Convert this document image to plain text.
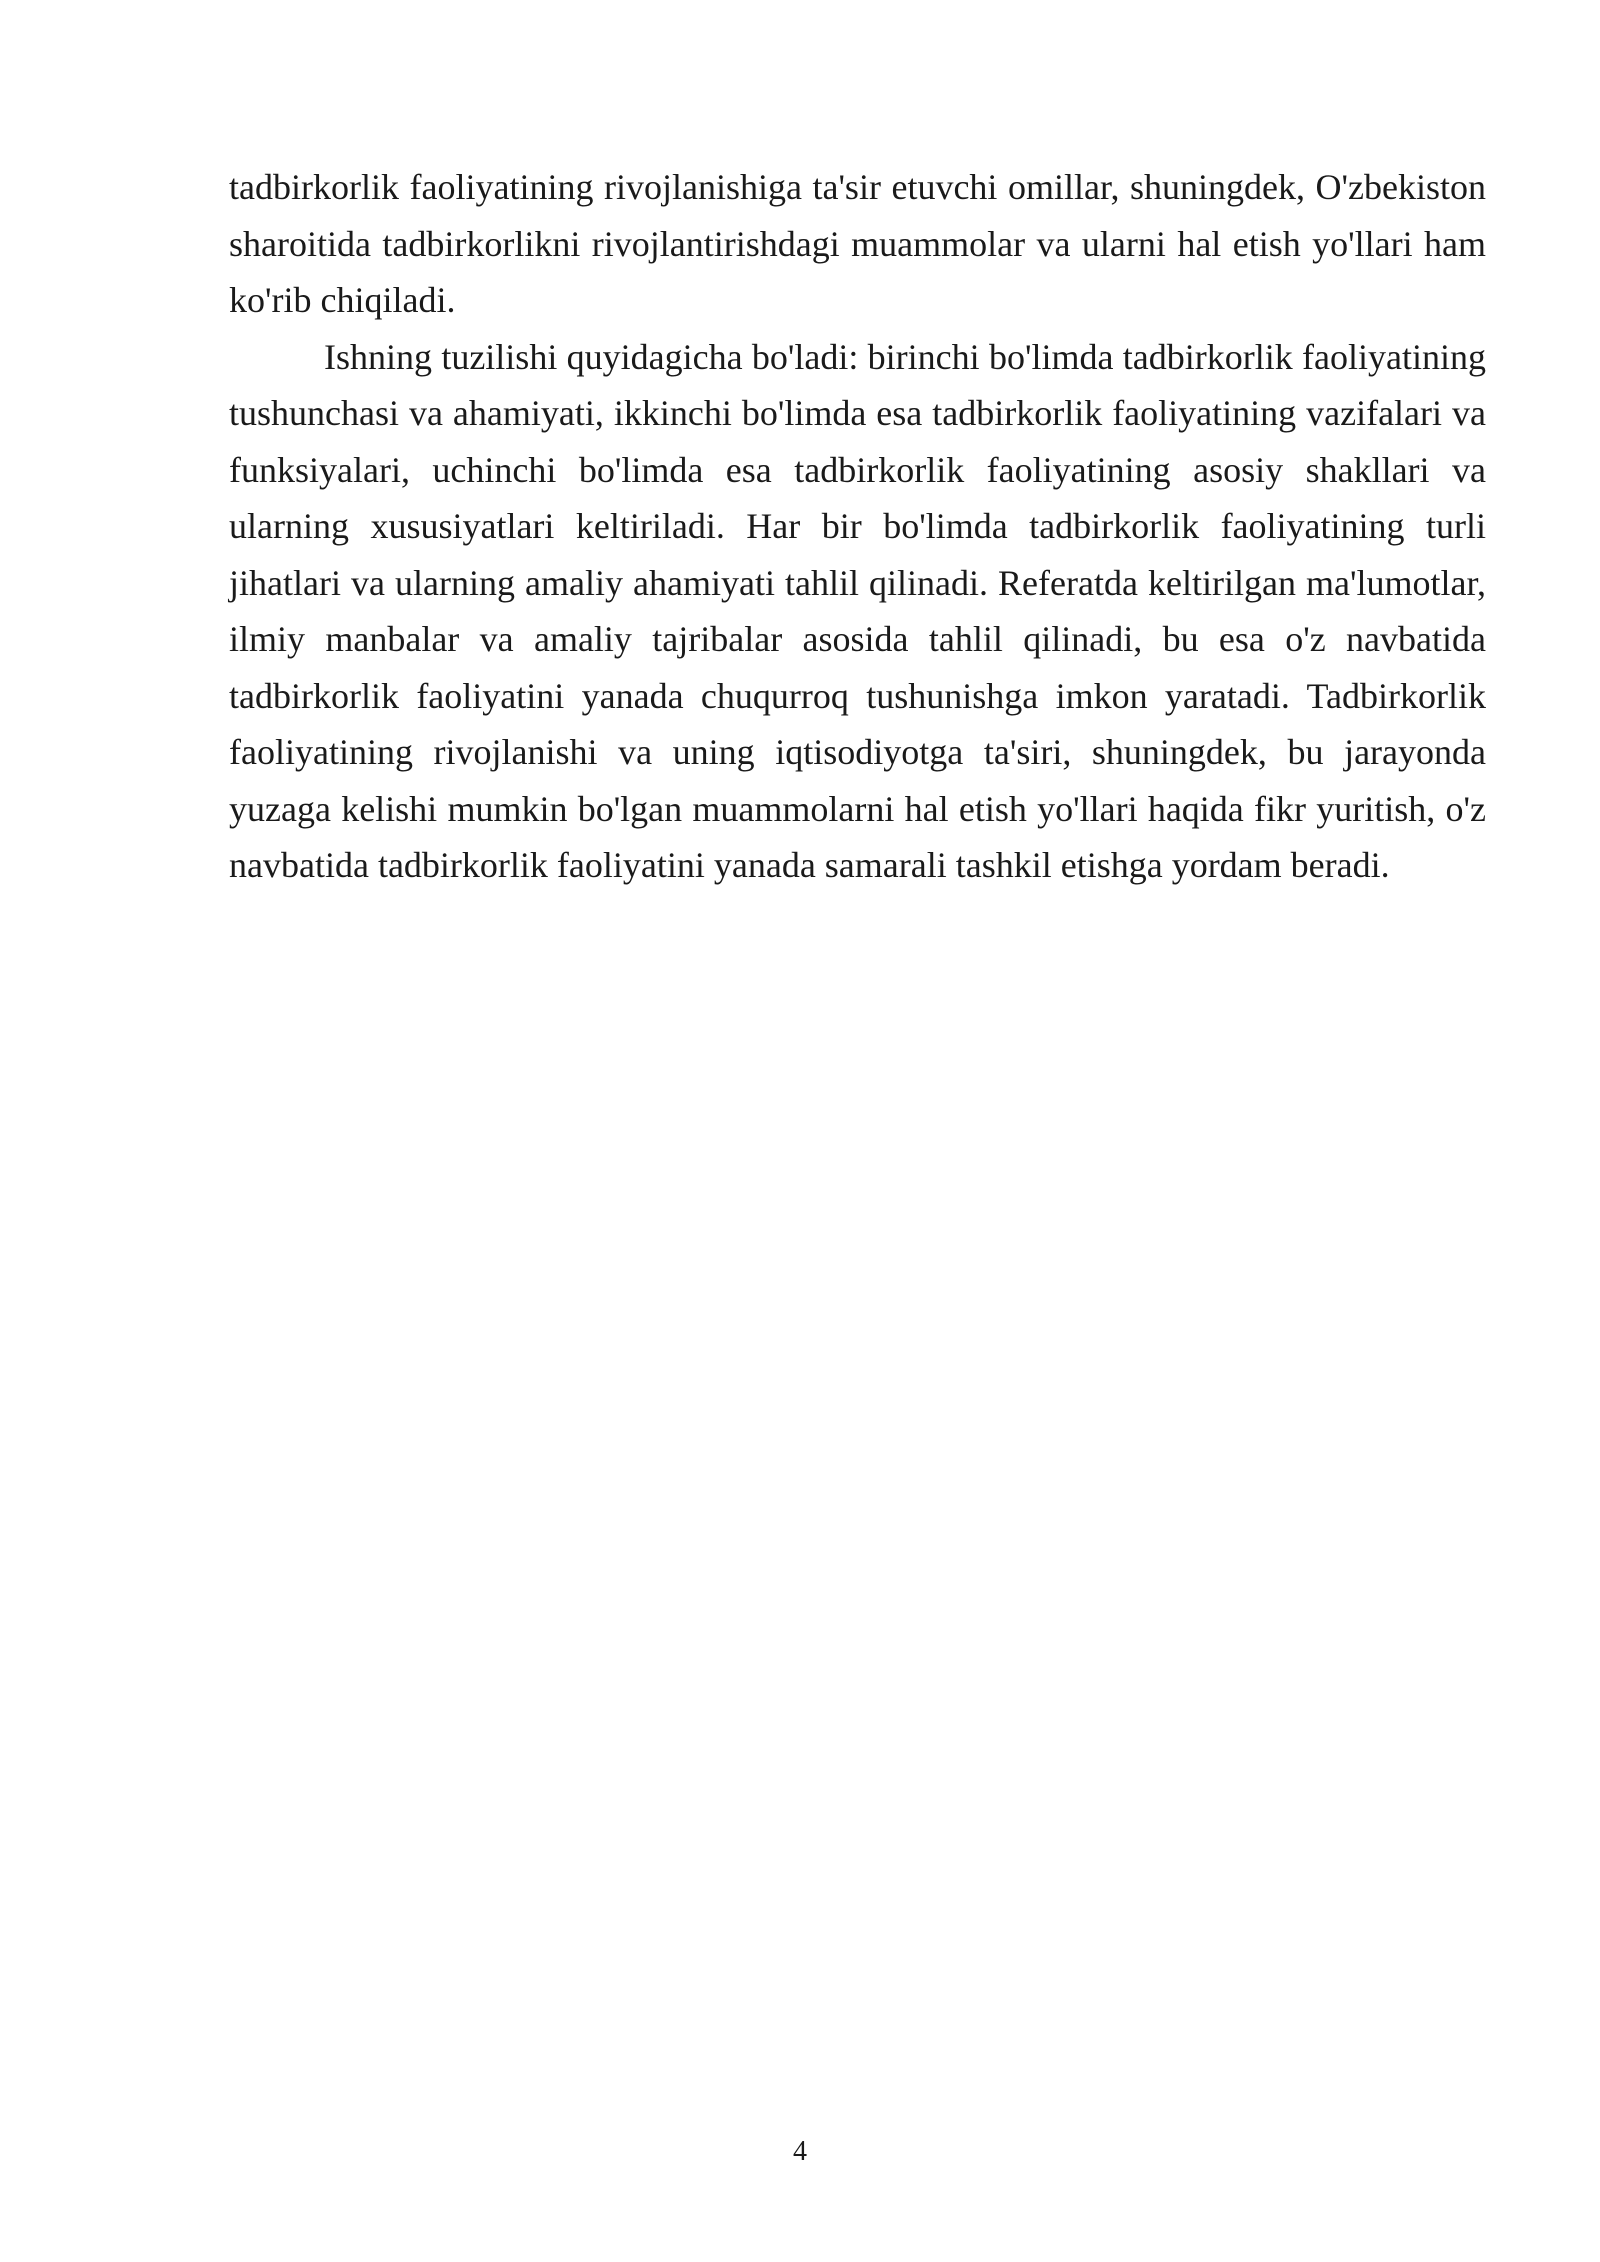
tadbirkorlik faoliyatining rivojlanishiga ta'sir etuvchi omillar, shuningdek, O'zbekiston sharoitida tadbirkorlikni rivojlantirishdagi muammolar va ularni hal etish yo'llari ham ko'rib chiqiladi.

Ishning tuzilishi quyidagicha bo'ladi: birinchi bo'limda tadbirkorlik faoliyatining tushunchasi va ahamiyati, ikkinchi bo'limda esa tadbirkorlik faoliyatining vazifalari va funksiyalari, uchinchi bo'limda esa tadbirkorlik faoliyatining asosiy shakllari va ularning xususiyatlari keltiriladi. Har bir bo'limda tadbirkorlik faoliyatining turli jihatlari va ularning amaliy ahamiyati tahlil qilinadi. Referatda keltirilgan ma'lumotlar, ilmiy manbalar va amaliy tajribalar asosida tahlil qilinadi, bu esa o'z navbatida tadbirkorlik faoliyatini yanada chuqurroq tushunishga imkon yaratadi. Tadbirkorlik faoliyatining rivojlanishi va uning iqtisodiyotga ta'siri, shuningdek, bu jarayonda yuzaga kelishi mumkin bo'lgan muammolarni hal etish yo'llari haqida fikr yuritish, o'z navbatida tadbirkorlik faoliyatini yanada samarali tashkil etishga yordam beradi.

4
